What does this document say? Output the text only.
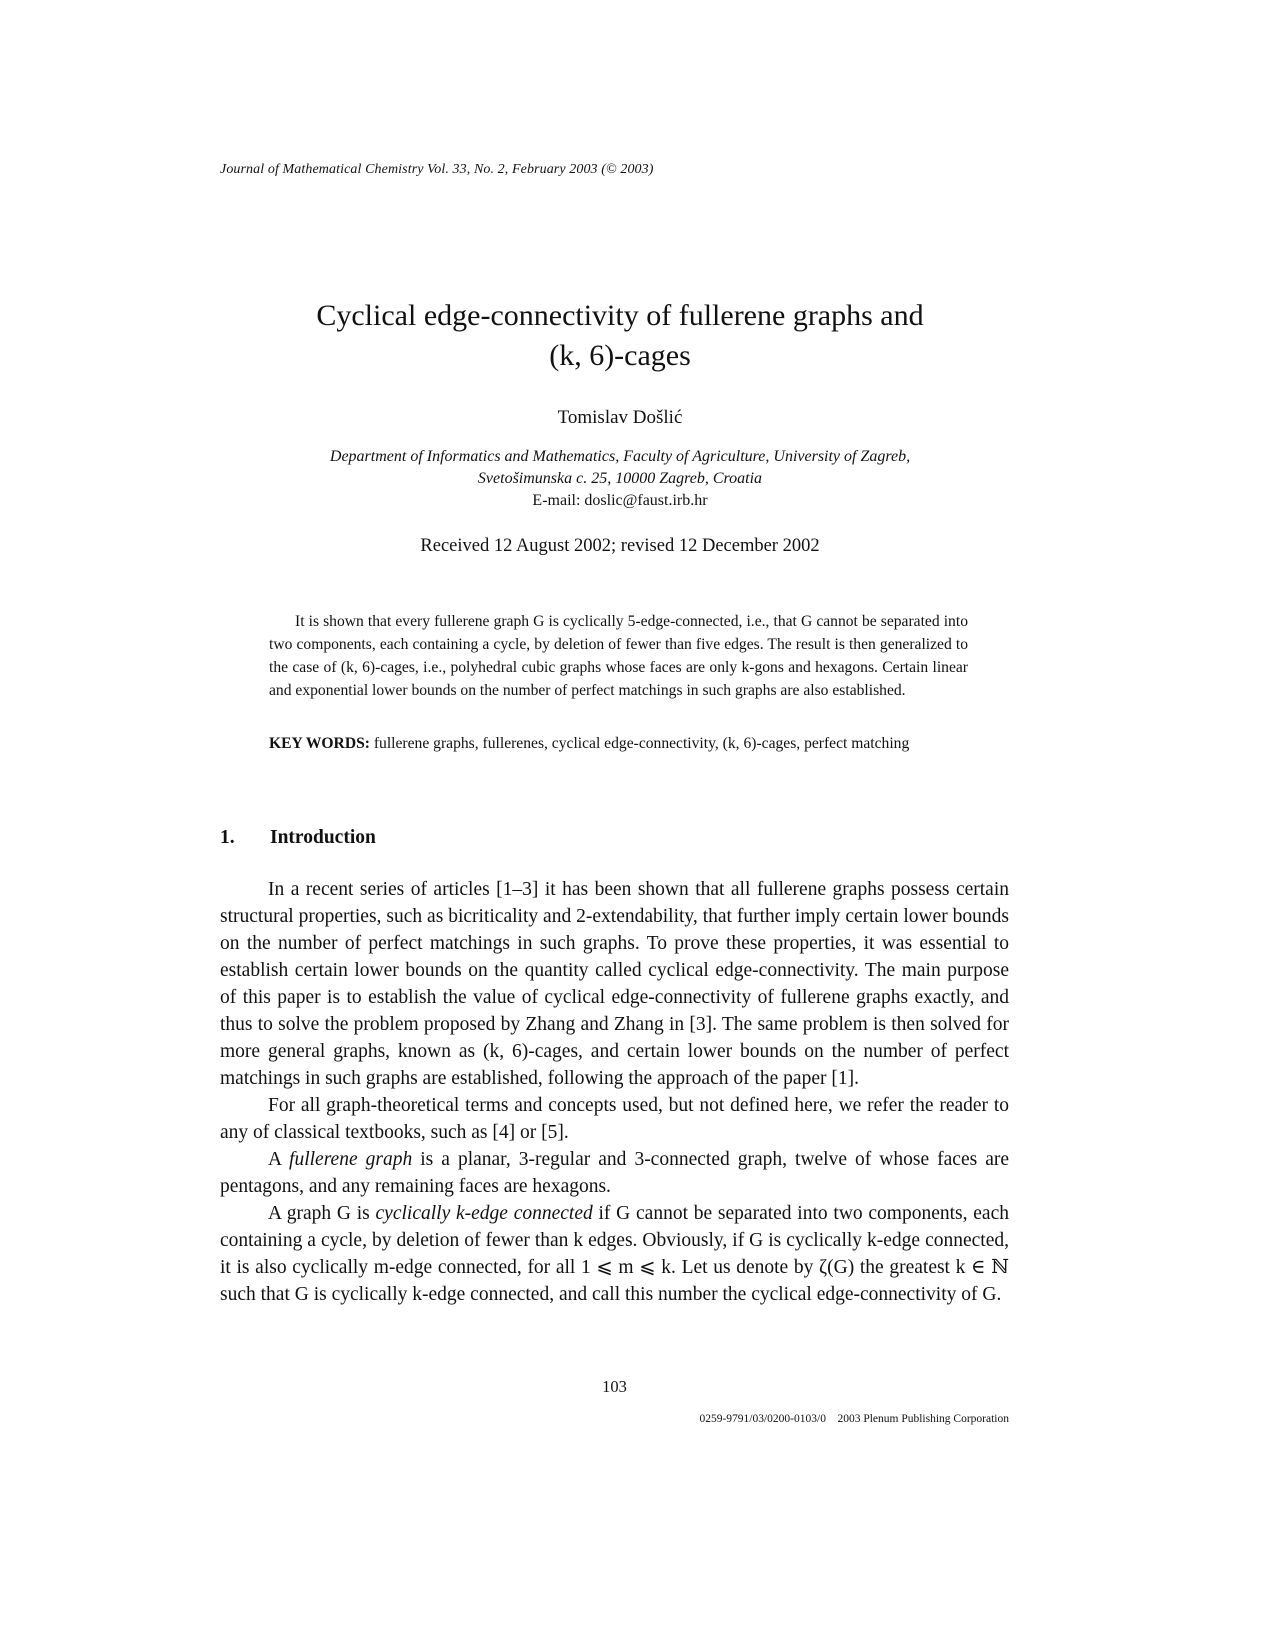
Journal of Mathematical Chemistry Vol. 33, No. 2, February 2003 (© 2003)
Cyclical edge-connectivity of fullerene graphs and
(k, 6)-cages
Tomislav Došlić
Department of Informatics and Mathematics, Faculty of Agriculture, University of Zagreb,
Svetošimunska c. 25, 10000 Zagreb, Croatia
E-mail: doslic@faust.irb.hr
Received 12 August 2002; revised 12 December 2002

It is shown that every fullerene graph G is cyclically 5-edge-connected, i.e., that G cannot be separated into two components, each containing a cycle, by deletion of fewer than five edges. The result is then generalized to the case of (k, 6)-cages, i.e., polyhedral cubic graphs whose faces are only k-gons and hexagons. Certain linear and exponential lower bounds on the number of perfect matchings in such graphs are also established.

KEY WORDS: fullerene graphs, fullerenes, cyclical edge-connectivity, (k, 6)-cages, perfect matching

1. Introduction

In a recent series of articles [1–3] it has been shown that all fullerene graphs possess certain structural properties, such as bicriticality and 2-extendability, that further imply certain lower bounds on the number of perfect matchings in such graphs. To prove these properties, it was essential to establish certain lower bounds on the quantity called cyclical edge-connectivity. The main purpose of this paper is to establish the value of cyclical edge-connectivity of fullerene graphs exactly, and thus to solve the problem proposed by Zhang and Zhang in [3]. The same problem is then solved for more general graphs, known as (k, 6)-cages, and certain lower bounds on the number of perfect matchings in such graphs are established, following the approach of the paper [1].

For all graph-theoretical terms and concepts used, but not defined here, we refer the reader to any of classical textbooks, such as [4] or [5].

A fullerene graph is a planar, 3-regular and 3-connected graph, twelve of whose faces are pentagons, and any remaining faces are hexagons.

A graph G is cyclically k-edge connected if G cannot be separated into two components, each containing a cycle, by deletion of fewer than k edges. Obviously, if G is cyclically k-edge connected, it is also cyclically m-edge connected, for all 1 ⩽ m ⩽ k. Let us denote by ζ(G) the greatest k ∈ ℕ such that G is cyclically k-edge connected, and call this number the cyclical edge-connectivity of G.

103
0259-9791/03/0200-0103/0    2003 Plenum Publishing Corporation
